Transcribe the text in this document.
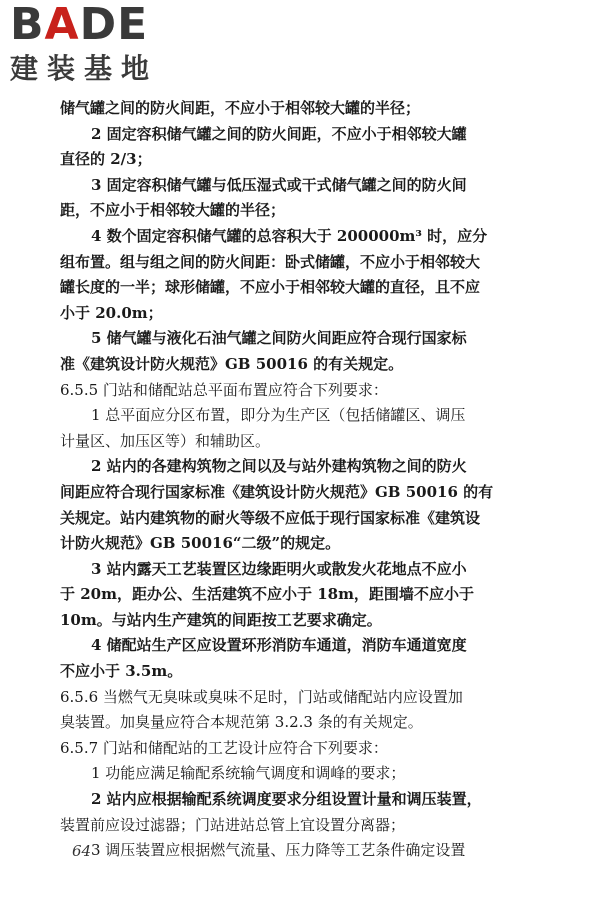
BADE
建装基地
储气罐之间的防火间距，不应小于相邻较大罐的半径；
2 固定容积储气罐之间的防火间距，不应小于相邻较大罐
直径的 2/3；
3 固定容积储气罐与低压湿式或干式储气罐之间的防火间
距，不应小于相邻较大罐的半径；
4 数个固定容积储气罐的总容积大于 200000m³ 时，应分
组布置。组与组之间的防火间距：卧式储罐，不应小于相邻较大
罐长度的一半；球形储罐，不应小于相邻较大罐的直径，且不应
小于 20.0m；
5 储气罐与液化石油气罐之间防火间距应符合现行国家标
准《建筑设计防火规范》GB 50016 的有关规定。
6.5.5 门站和储配站总平面布置应符合下列要求：
1 总平面应分区布置，即分为生产区（包括储罐区、调压
计量区、加压区等）和辅助区。
2 站内的各建构筑物之间以及与站外建构筑物之间的防火
间距应符合现行国家标准《建筑设计防火规范》GB 50016 的有
关规定。站内建筑物的耐火等级不应低于现行国家标准《建筑设
计防火规范》GB 50016“二级”的规定。
3 站内露天工艺装置区边缘距明火或散发火花地点不应小
于 20m，距办公、生活建筑不应小于 18m，距围墙不应小于
10m。与站内生产建筑的间距按工艺要求确定。
4 储配站生产区应设置环形消防车通道，消防车通道宽度
不应小于 3.5m。
6.5.6 当燃气无臭味或臭味不足时，门站或储配站内应设置加
臭装置。加臭量应符合本规范第 3.2.3 条的有关规定。
6.5.7 门站和储配站的工艺设计应符合下列要求：
1 功能应满足输配系统输气调度和调峰的要求；
2 站内应根据输配系统调度要求分组设置计量和调压装置，
装置前应设过滤器；门站进站总管上宜设置分离器；
3 调压装置应根据燃气流量、压力降等工艺条件确定设置
64
